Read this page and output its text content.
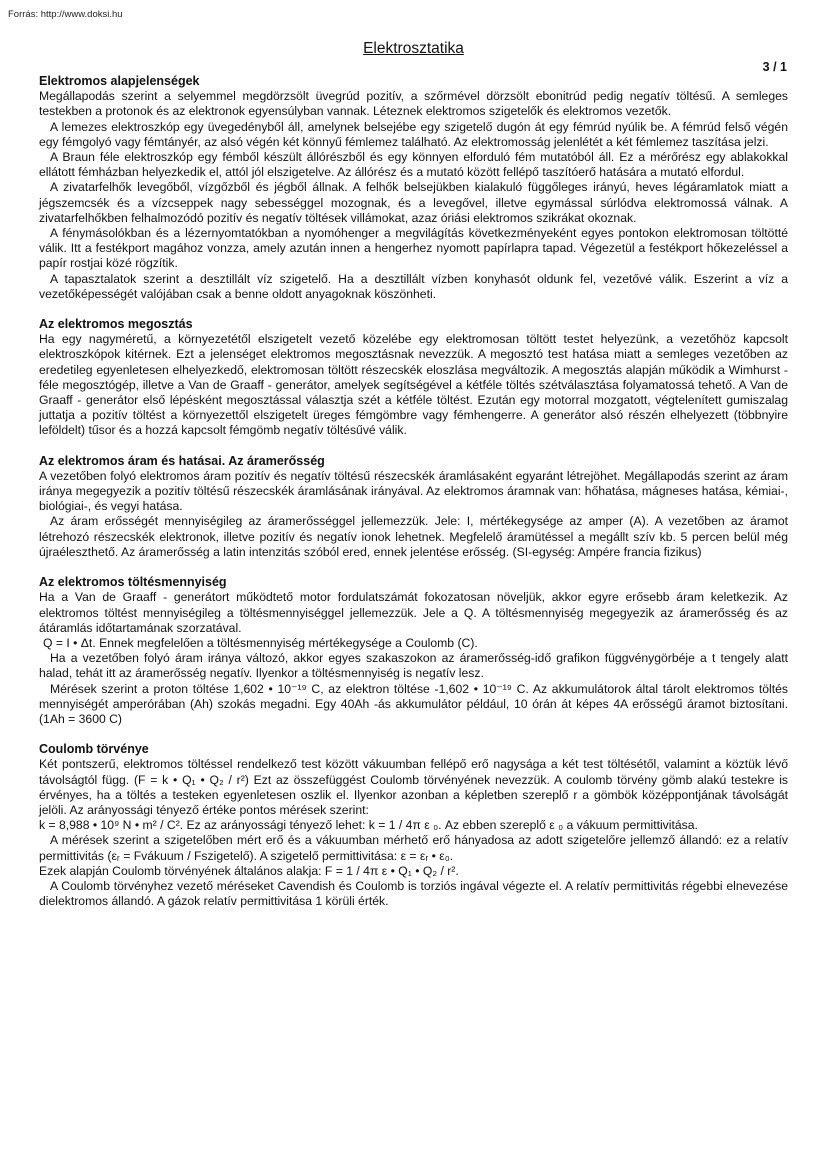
Forrás: http://www.doksi.hu
Elektrosztatika
3 / 1
Elektromos alapjelenségek

Megállapodás szerint a selyemmel megdörzsölt üvegrúd pozitív, a szőrmével dörzsölt ebonitrúd pedig negatív töltésű. A semleges testekben a protonok és az elektronok egyensúlyban vannak. Léteznek elektromos szigetelők és elektromos vezetők.

A lemezes elektroszkóp egy üvegedényből áll, amelynek belsejébe egy szigetelő dugón át egy fémrúd nyúlik be. A fémrúd felső végén egy fémgolyó vagy fémtányér, az alsó végén két könnyű fémlemez található. Az elektromosság jelenlétét a két fémlemez taszítása jelzi.

A Braun féle elektroszkóp egy fémből készült állórészből és egy könnyen elforduló fém mutatóból áll. Ez a mérőrész egy ablakokkal ellátott fémházban helyezkedik el, attól jól elszigetelve. Az állórész és a mutató között fellépő taszítóerő hatására a mutató elfordul.

A zivatarfelhők levegőből, vízgőzből és jégből állnak. A felhők belsejükben kialakuló függőleges irányú, heves légáramlatok miatt a jégszemcsék és a vízcseppek nagy sebességgel mozognak, és a levegővel, illetve egymással súrlódva elektromossá válnak. A zivatarfelhőkben felhalmozódó pozitív és negatív töltések villámokat, azaz óriási elektromos szikrákat okoznak.

A fénymásolókban és a lézernyomtatókban a nyomóhenger a megvilágítás következményeként egyes pontokon elektromosan töltötté válik. Itt a festékport magához vonzza, amely azután innen a hengerhez nyomott papírlapra tapad. Végezetül a festékport hőkezeléssel a papír rostjai közé rögzítik.

A tapasztalatok szerint a desztillált víz szigetelő. Ha a desztillált vízben konyhasót oldunk fel, vezetővé válik. Eszerint a víz a vezetőképességét valójában csak a benne oldott anyagoknak köszönheti.

Az elektromos megosztás

Ha egy nagyméretű, a környezetétől elszigetelt vezető közelébe egy elektromosan töltött testet helyezünk, a vezetőhöz kapcsolt elektroszkópok kitérnek. Ezt a jelenséget elektromos megosztásnak nevezzük. A megosztó test hatása miatt a semleges vezetőben az eredetileg egyenletesen elhelyezkedő, elektromosan töltött részecskék eloszlása megváltozik. A megosztás alapján működik a Wimhurst - féle megosztógép, illetve a Van de Graaff - generátor, amelyek segítségével a kétféle töltés szétválasztása folyamatossá tehető. A Van de Graaff - generátor első lépésként megosztással választja szét a kétféle töltést. Ezután egy motorral mozgatott, végtelenített gumiszalag juttatja a pozitív töltést a környezettől elszigetelt üreges fémgömbre vagy fémhengerre. A generátor alsó részén elhelyezett (többnyire leföldelt) tűsor és a hozzá kapcsolt fémgömb negatív töltésűvé válik.

Az elektromos áram és hatásai. Az áramerősség

A vezetőben folyó elektromos áram pozitív és negatív töltésű részecskék áramlásaként egyaránt létrejöhet. Megállapodás szerint az áram iránya megegyezik a pozitív töltésű részecskék áramlásának irányával. Az elektromos áramnak van: hőhatása, mágneses hatása, kémiai-, biológiai-, és vegyi hatása.

Az áram erősségét mennyiségileg az áramerősséggel jellemezzük. Jele: I, mértékegysége az amper (A). A vezetőben az áramot létrehozó részecskék elektronok, illetve pozitív és negatív ionok lehetnek. Megfelelő áramütéssel a megállt szív kb. 5 percen belül még újraéleszthető. Az áramerősség a latin intenzitás szóból ered, ennek jelentése erősség. (SI-egység: Ampére francia fizikus)

Az elektromos töltésmennyiség

Ha a Van de Graaff - generátort működtető motor fordulatszámát fokozatosan növeljük, akkor egyre erősebb áram keletkezik. Az elektromos töltést mennyiségileg a töltésmennyiséggel jellemezzük. Jele a Q. A töltésmennyiség megegyezik az áramerősség és az átáramlás időtartamának szorzatával.

Q = I • Δt. Ennek megfelelően a töltésmennyiség mértékegysége a Coulomb (C).

Ha a vezetőben folyó áram iránya változó, akkor egyes szakaszokon az áramerősség-idő grafikon függvénygörbéje a t tengely alatt halad, tehát itt az áramerősség negatív. Ilyenkor a töltésmennyiség is negatív lesz.

Mérések szerint a proton töltése 1,602 • 10⁻¹⁹ C, az elektron töltése -1,602 • 10⁻¹⁹ C. Az akkumulátorok által tárolt elektromos töltés mennyiségét amperórában (Ah) szokás megadni. Egy 40Ah -ás akkumulátor például, 10 órán át képes 4A erősségű áramot biztosítani. (1Ah = 3600 C)

Coulomb törvénye

Két pontszerű, elektromos töltéssel rendelkező test között vákuumban fellépő erő nagysága a két test töltésétől, valamint a köztük lévő távolságtól függ. (F = k • Q₁ • Q₂ / r²) Ezt az összefüggést Coulomb törvényének nevezzük. A coulomb törvény gömb alakú testekre is érvényes, ha a töltés a testeken egyenletesen oszlik el. Ilyenkor azonban a képletben szereplő r a gömbök középpontjának távolságát jelöli. Az arányossági tényező értéke pontos mérések szerint:

k = 8,988 • 10⁹ N • m² / C². Ez az arányossági tényező lehet: k = 1 / 4π ε ₀. Az ebben szereplő ε ₀ a vákuum permittivitása.

A mérések szerint a szigetelőben mért erő és a vákuumban mérhető erő hányadosa az adott szigetelőre jellemző állandó: ez a relatív permittivitás (εᵣ = Fvákuum / Fszigetelő). A szigetelő permittivitása: ε = εᵣ • ε₀.

Ezek alapján Coulomb törvényének általános alakja: F = 1 / 4π ε • Q₁ • Q₂ / r².

A Coulomb törvényhez vezető méréseket Cavendish és Coulomb is torziós ingával végezte el. A relatív permittivitás régebbi elnevezése dielektromos állandó. A gázok relatív permittivitása 1 körüli érték.
